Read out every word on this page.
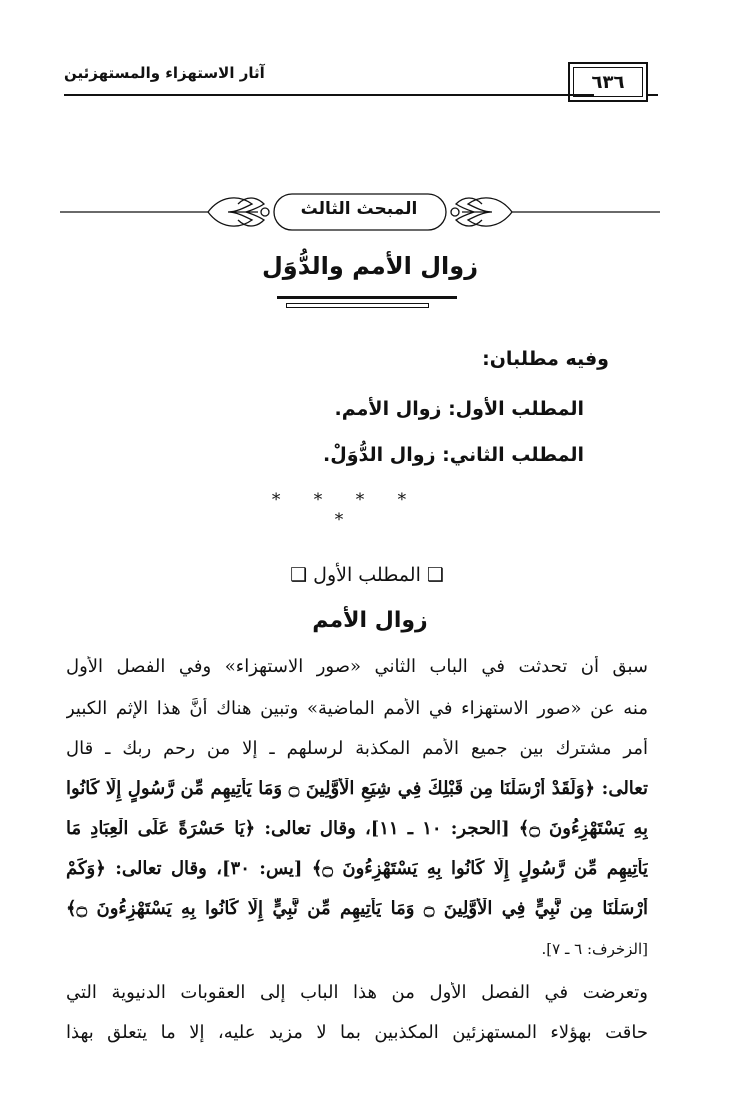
آثار الاستهزاء والمستهزئين	٦٣٦
المبحث الثالث
زوال الأمم والدُّوَل
وفيه مطلبان:
المطلب الأول: زوال الأمم.
المطلب الثاني: زوال الدُّوَلْ.
* * * * *
❑ المطلب الأول ❑
زوال الأمم
سبق أن تحدثت في الباب الثاني «صور الاستهزاء» وفي الفصل الأول
منه عن «صور الاستهزاء في الأمم الماضية» وتبين هناك أنَّ هذا الإثم الكبير
أمر مشترك بين جميع الأمم المكذبة لرسلهم ـ إلا من رحم ربك ـ قال
تعالى: ﴿وَلَقَدْ أَرْسَلْنَا مِن قَبْلِكَ فِي شِيَعِ الْأَوَّلِينَ ۝ وَمَا يَأْتِيهِم مِّن رَّسُولٍ إِلَّا كَانُوا
بِهِ يَسْتَهْزِءُونَ ۝﴾ [الحجر: ١٠ ـ ١١]، وقال تعالى: ﴿يَا حَسْرَةً عَلَى الْعِبَادِ مَا
يَأْتِيهِم مِّن رَّسُولٍ إِلَّا كَانُوا بِهِ يَسْتَهْزِءُونَ ۝﴾ [يس: ٣٠]، وقال تعالى: ﴿وَكَمْ
أَرْسَلْنَا مِن نَّبِيٍّ فِي الْأَوَّلِينَ ۝ وَمَا يَأْتِيهِم مِّن نَّبِيٍّ إِلَّا كَانُوا بِهِ يَسْتَهْزِءُونَ ۝﴾
[الزخرف: ٦ ـ ٧].
وتعرضت في الفصل الأول من هذا الباب إلى العقوبات الدنيوية التي
حاقت بهؤلاء المستهزئين المكذبين بما لا مزيد عليه، إلا ما يتعلق بهذا
